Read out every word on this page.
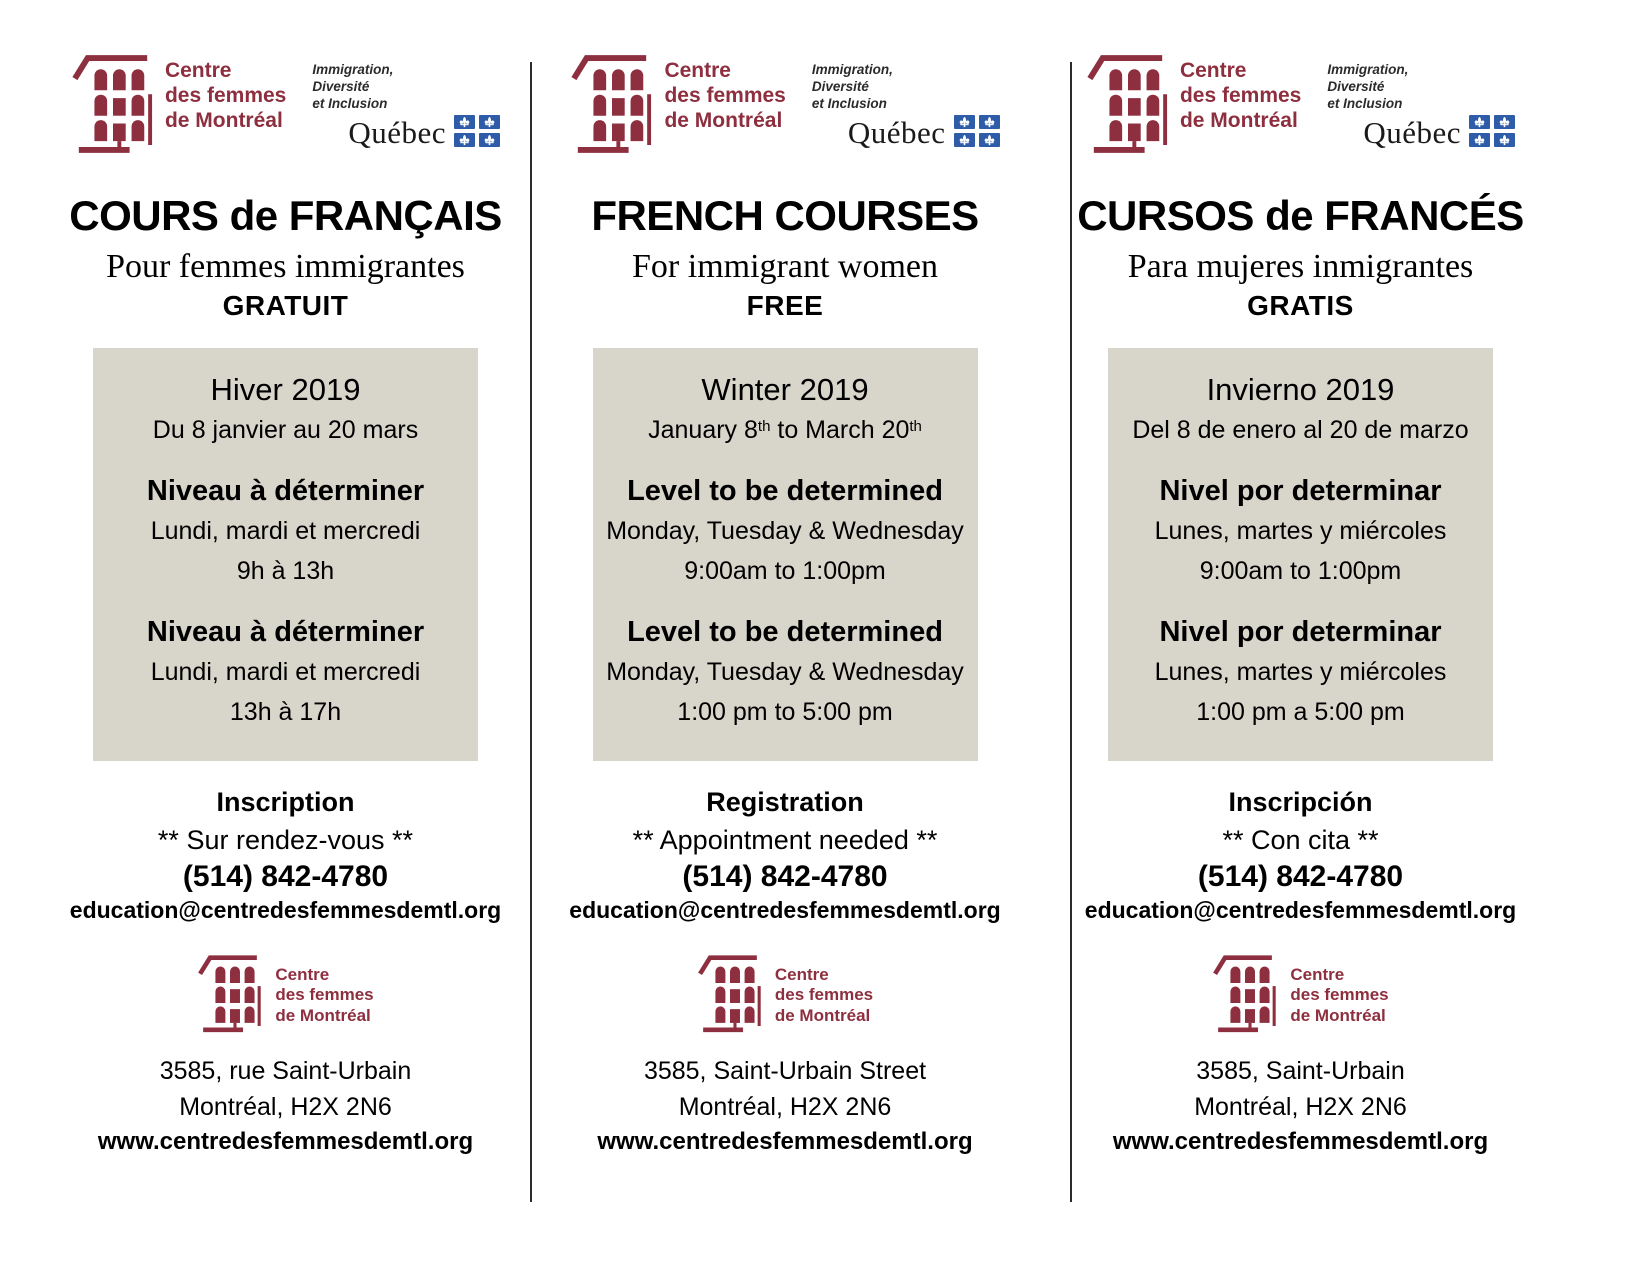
Centre
des femmes
de Montréal
Immigration,
Diversité
et Inclusion
Québec
COURS de FRANÇAIS
Pour femmes immigrantes
GRATUIT
Hiver 2019
Du 8 janvier au 20 mars
Niveau à déterminer
Lundi, mardi et mercredi
9h à 13h
Niveau à déterminer
Lundi, mardi et mercredi
13h à 17h
Inscription
** Sur rendez-vous **
(514) 842-4780
education@centredesfemmesdemtl.org
Centre
des femmes
de Montréal
3585, rue Saint-Urbain
Montréal, H2X 2N6
www.centredesfemmesdemtl.org
Centre
des femmes
de Montréal
Immigration,
Diversité
et Inclusion
Québec
FRENCH COURSES
For immigrant women
FREE
Winter 2019
January 8th to March 20th
Level to be determined
Monday, Tuesday & Wednesday
9:00am to 1:00pm
Level to be determined
Monday, Tuesday & Wednesday
1:00 pm to 5:00 pm
Registration
** Appointment needed **
(514) 842-4780
education@centredesfemmesdemtl.org
Centre
des femmes
de Montréal
3585, Saint-Urbain Street
Montréal, H2X 2N6
www.centredesfemmesdemtl.org
Centre
des femmes
de Montréal
Immigration,
Diversité
et Inclusion
Québec
CURSOS de FRANCÉS
Para mujeres inmigrantes
GRATIS
Invierno 2019
Del 8 de enero al 20 de marzo
Nivel por determinar
Lunes, martes y miércoles
9:00am to 1:00pm
Nivel por determinar
Lunes, martes y miércoles
1:00 pm a 5:00 pm
Inscripción
** Con cita **
(514) 842-4780
education@centredesfemmesdemtl.org
Centre
des femmes
de Montréal
3585, Saint-Urbain
Montréal, H2X 2N6
www.centredesfemmesdemtl.org
